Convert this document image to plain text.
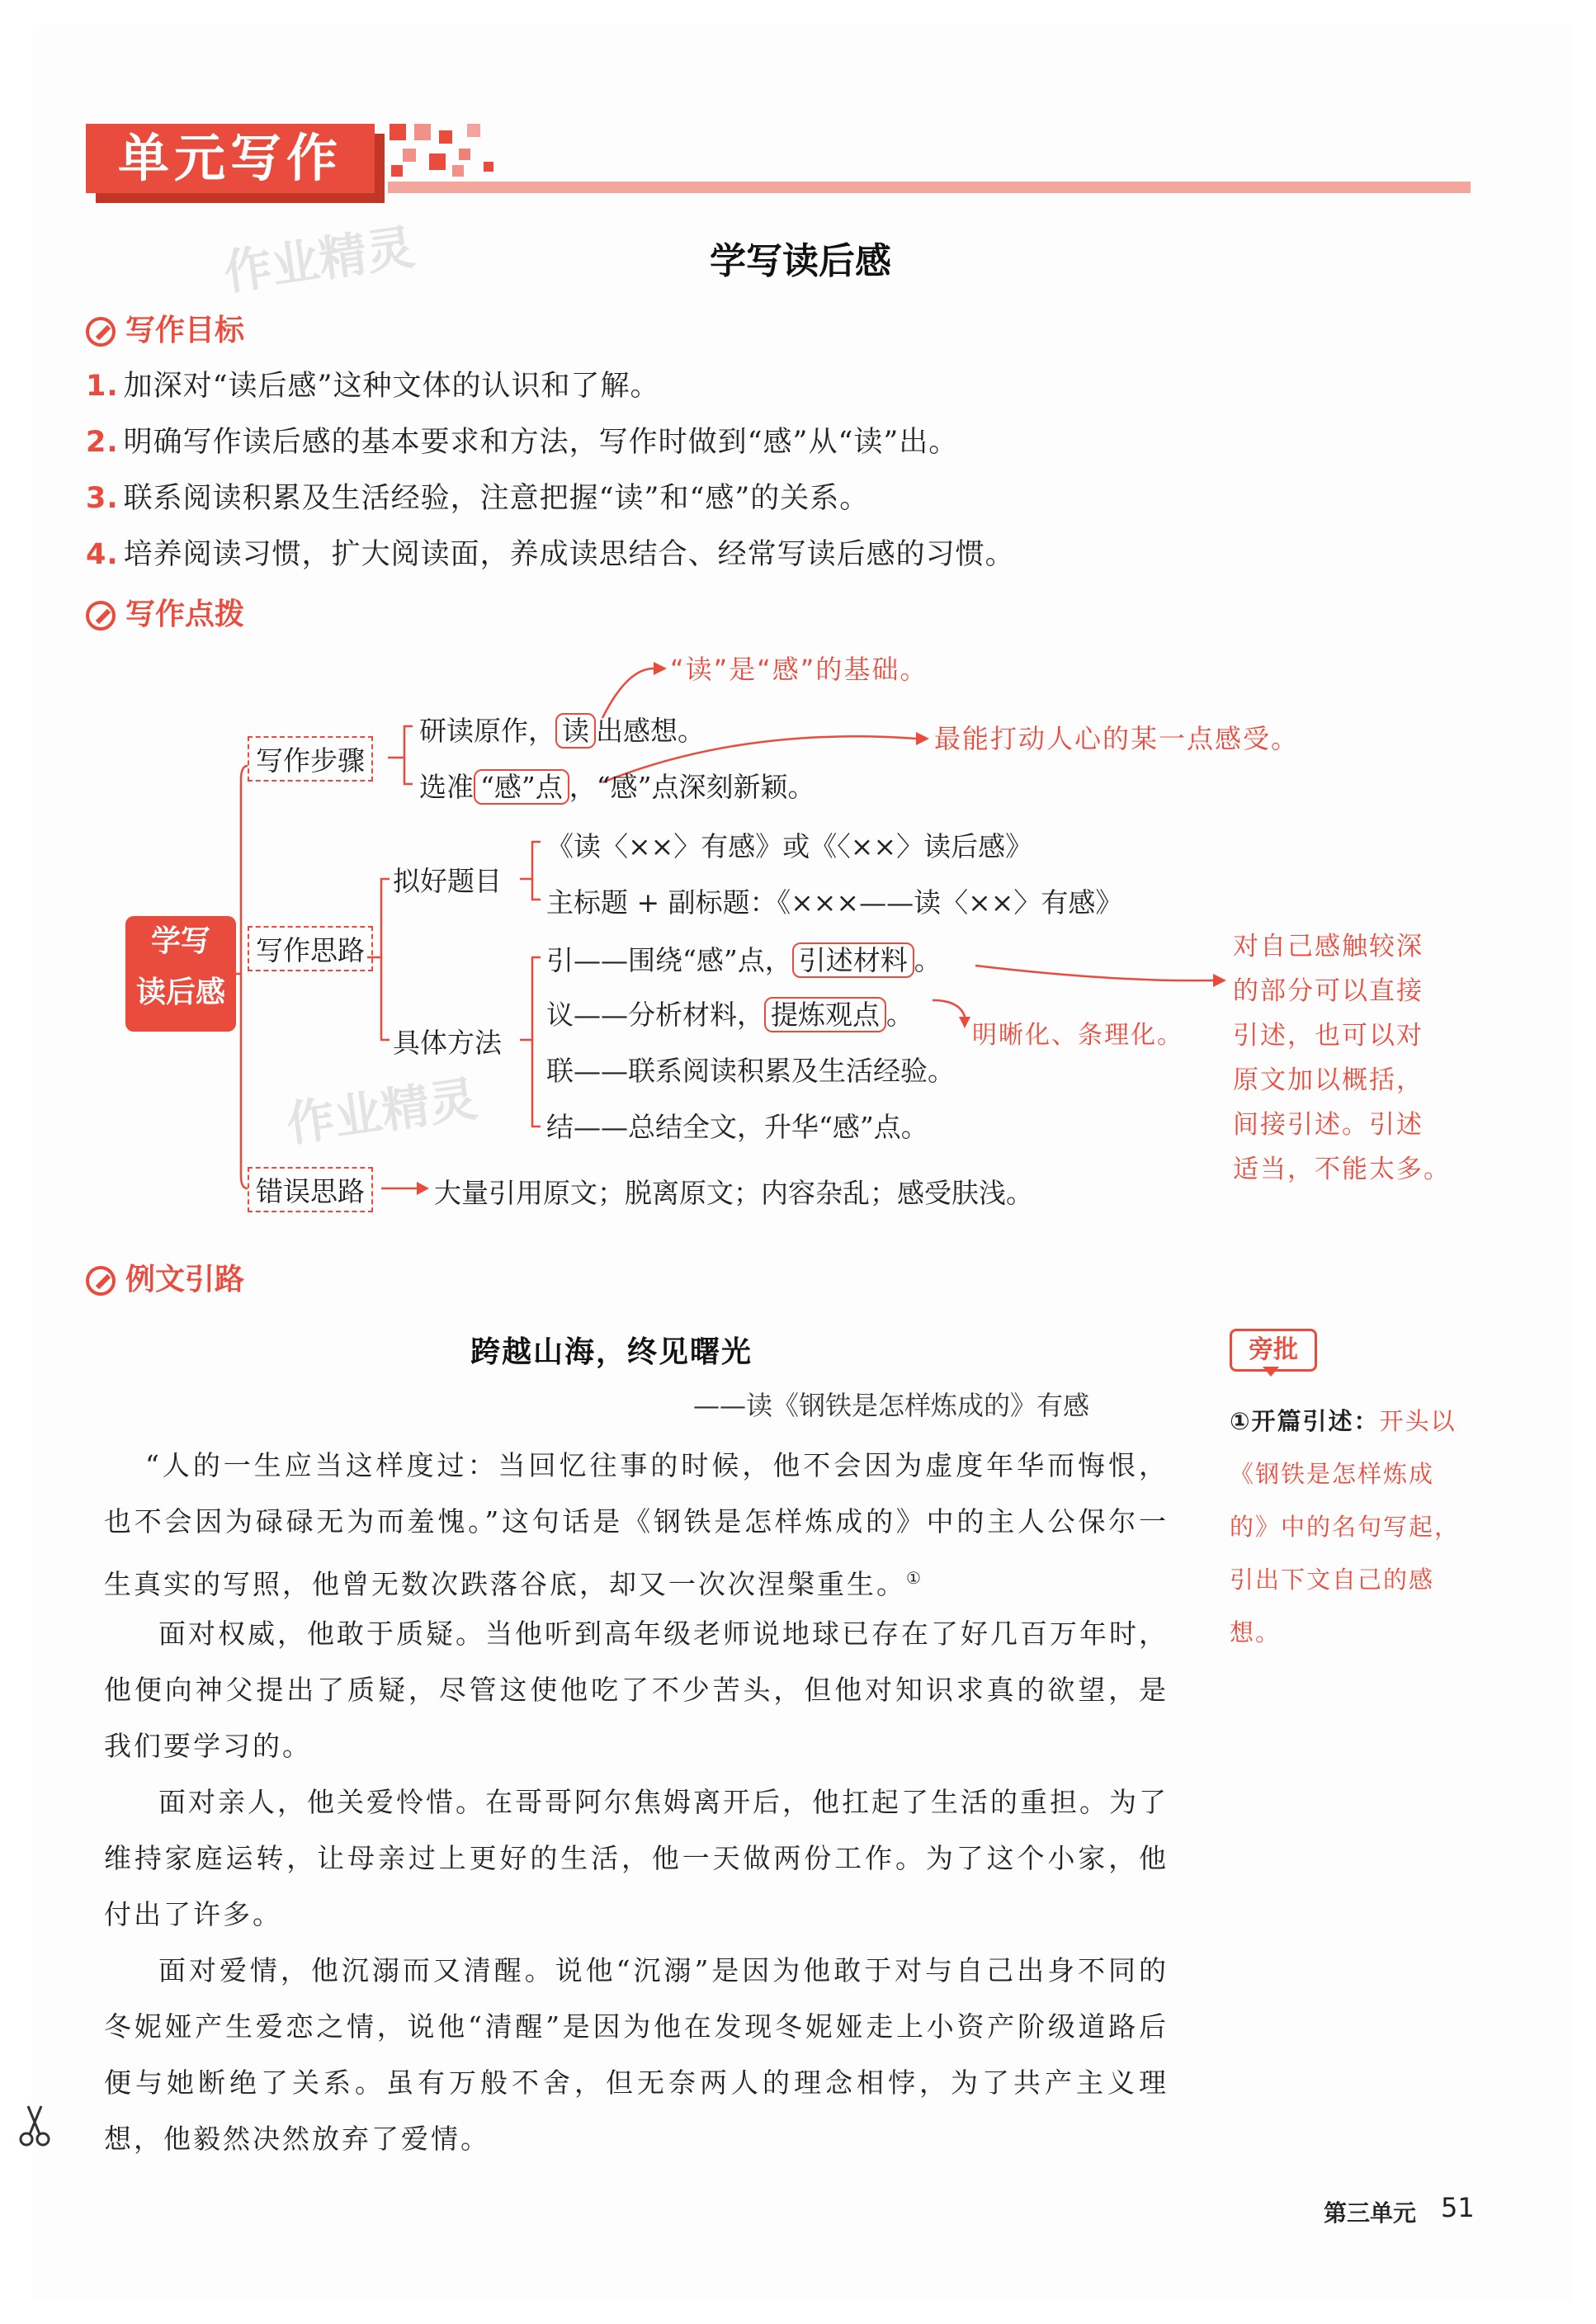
单元写作
作业精灵	学写读后感
写作目标
1. 加深对“读后感”这种文体的认识和了解。
2. 明确写作读后感的基本要求和方法，写作时做到“感”从“读”出。
3. 联系阅读积累及生活经验，注意把握“读”和“感”的关系。
4. 培养阅读习惯，扩大阅读面，养成读思结合、经常写读后感的习惯。
写作点拨
学写
读后感
写作步骤
研读原作， 读 出感想。
选准 “感”点 ，“感”点深刻新颖。
“读”是“感”的基础。
最能打动人心的某一点感受。
写作思路
拟好题目
《读〈××〉有感》或《〈××〉读后感》
主标题 + 副标题：《×××——读〈××〉有感》
具体方法
引——围绕“感”点， 引述材料 。
议——分析材料， 提炼观点 。
明晰化、条理化。
联——联系阅读积累及生活经验。
结——总结全文，升华“感”点。
错误思路	大量引用原文；脱离原文；内容杂乱；感受肤浅。
对自己感触较深
的部分可以直接
引述，也可以对
原文加以概括，
间接引述。引述
适当，不能太多。
作业精灵
例文引路
跨越山海，终见曙光
——读《钢铁是怎样炼成的》有感
“人的一生应当这样度过：当回忆往事的时候，他不会因为虚度年华而悔恨，也不会因为碌碌无为而羞愧。”这句话是《钢铁是怎样炼成的》中的主人公保尔一生真实的写照，他曾无数次跌落谷底，却又一次次涅槃重生。①
面对权威，他敢于质疑。当他听到高年级老师说地球已存在了好几百万年时，他便向神父提出了质疑，尽管这使他吃了不少苦头，但他对知识求真的欲望，是我们要学习的。
面对亲人，他关爱怜惜。在哥哥阿尔焦姆离开后，他扛起了生活的重担。为了维持家庭运转，让母亲过上更好的生活，他一天做两份工作。为了这个小家，他付出了许多。
面对爱情，他沉溺而又清醒。说他“沉溺”是因为他敢于对与自己出身不同的冬妮娅产生爱恋之情，说他“清醒”是因为他在发现冬妮娅走上小资产阶级道路后便与她断绝了关系。虽有万般不舍，但无奈两人的理念相悖，为了共产主义理想，他毅然决然放弃了爱情。
旁批
①开篇引述：开头以《钢铁是怎样炼成的》中的名句写起，引出下文自己的感想。
第三单元 51
